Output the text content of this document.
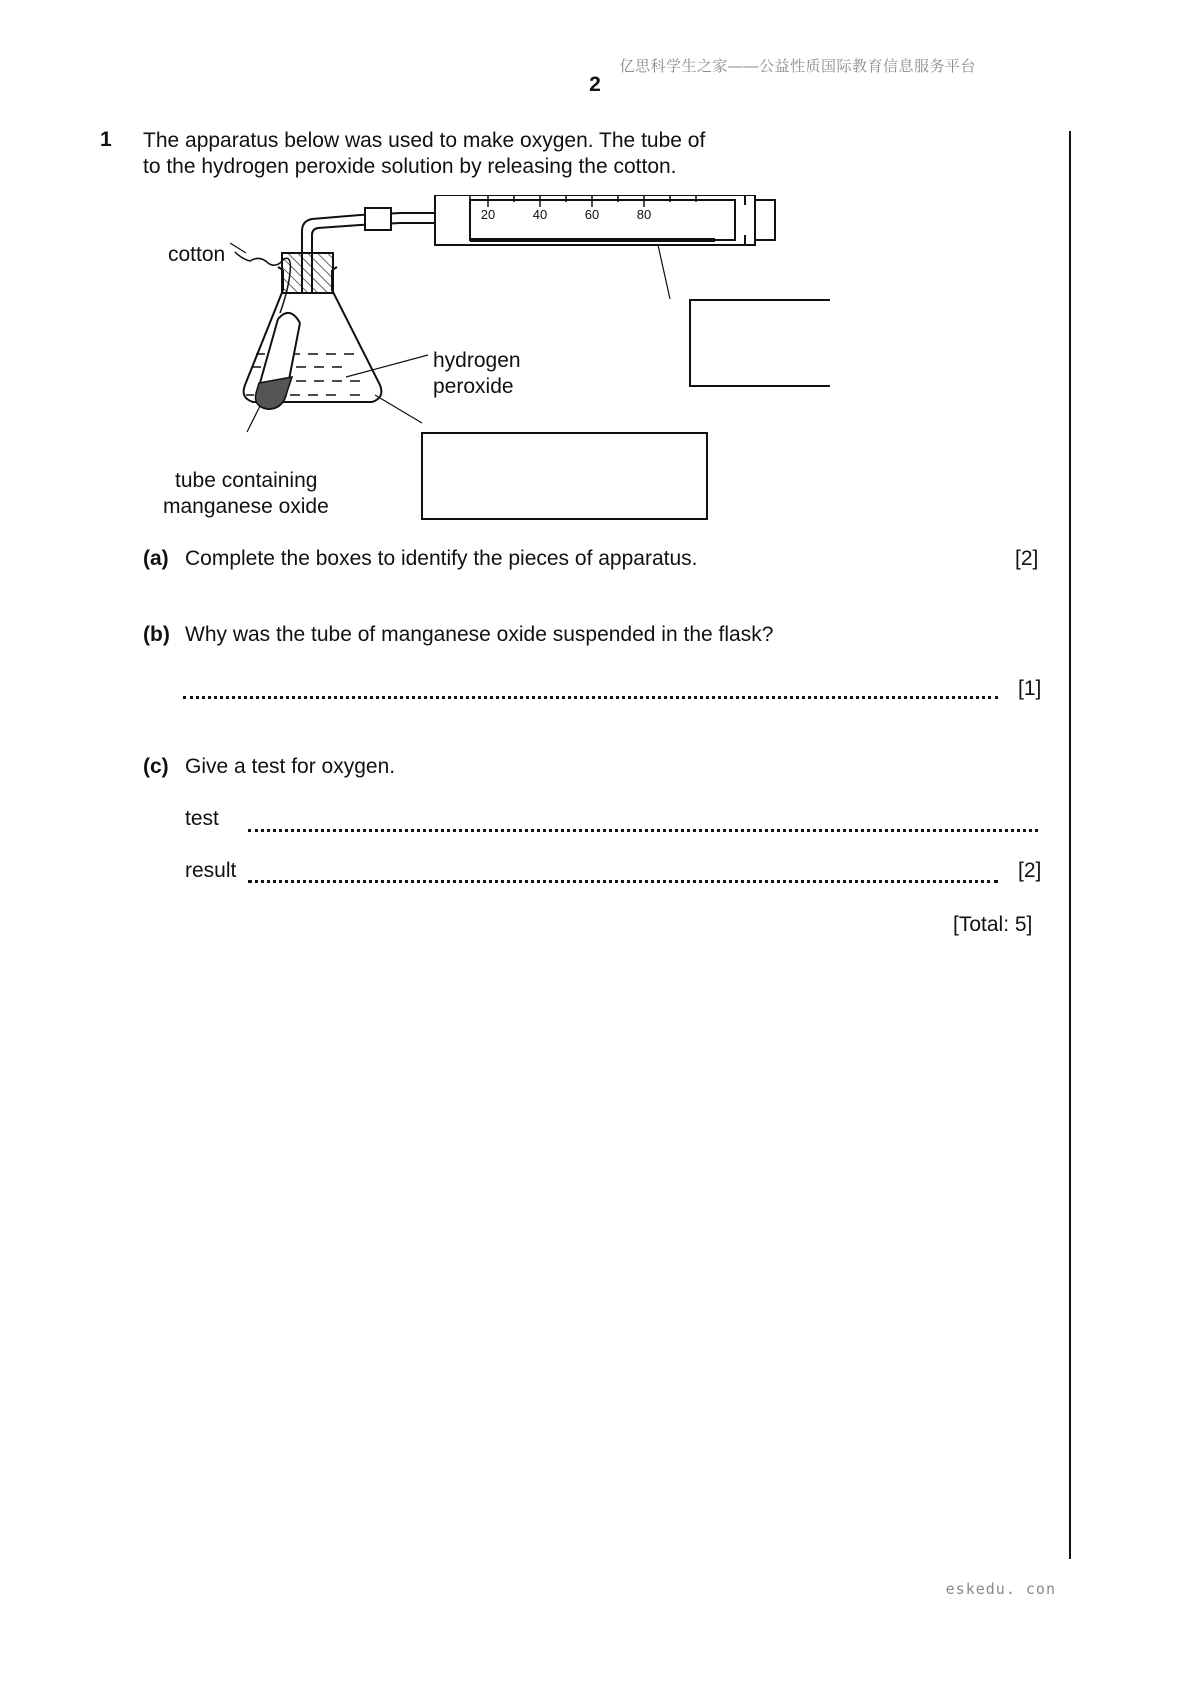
亿思科学生之家——公益性质国际教育信息服务平台
2
1 The apparatus below was used to make oxygen. The tube of
to the hydrogen peroxide solution by releasing the cotton.
20	40	60	80
cotton
hydrogen
peroxide
tube containing
manganese oxide
(a) Complete the boxes to identify the pieces of apparatus.	[2]
(b) Why was the tube of manganese oxide suspended in the flask?
[1]
(c) Give a test for oxygen.
test
result	[2]
[Total: 5]
eskedu. con
